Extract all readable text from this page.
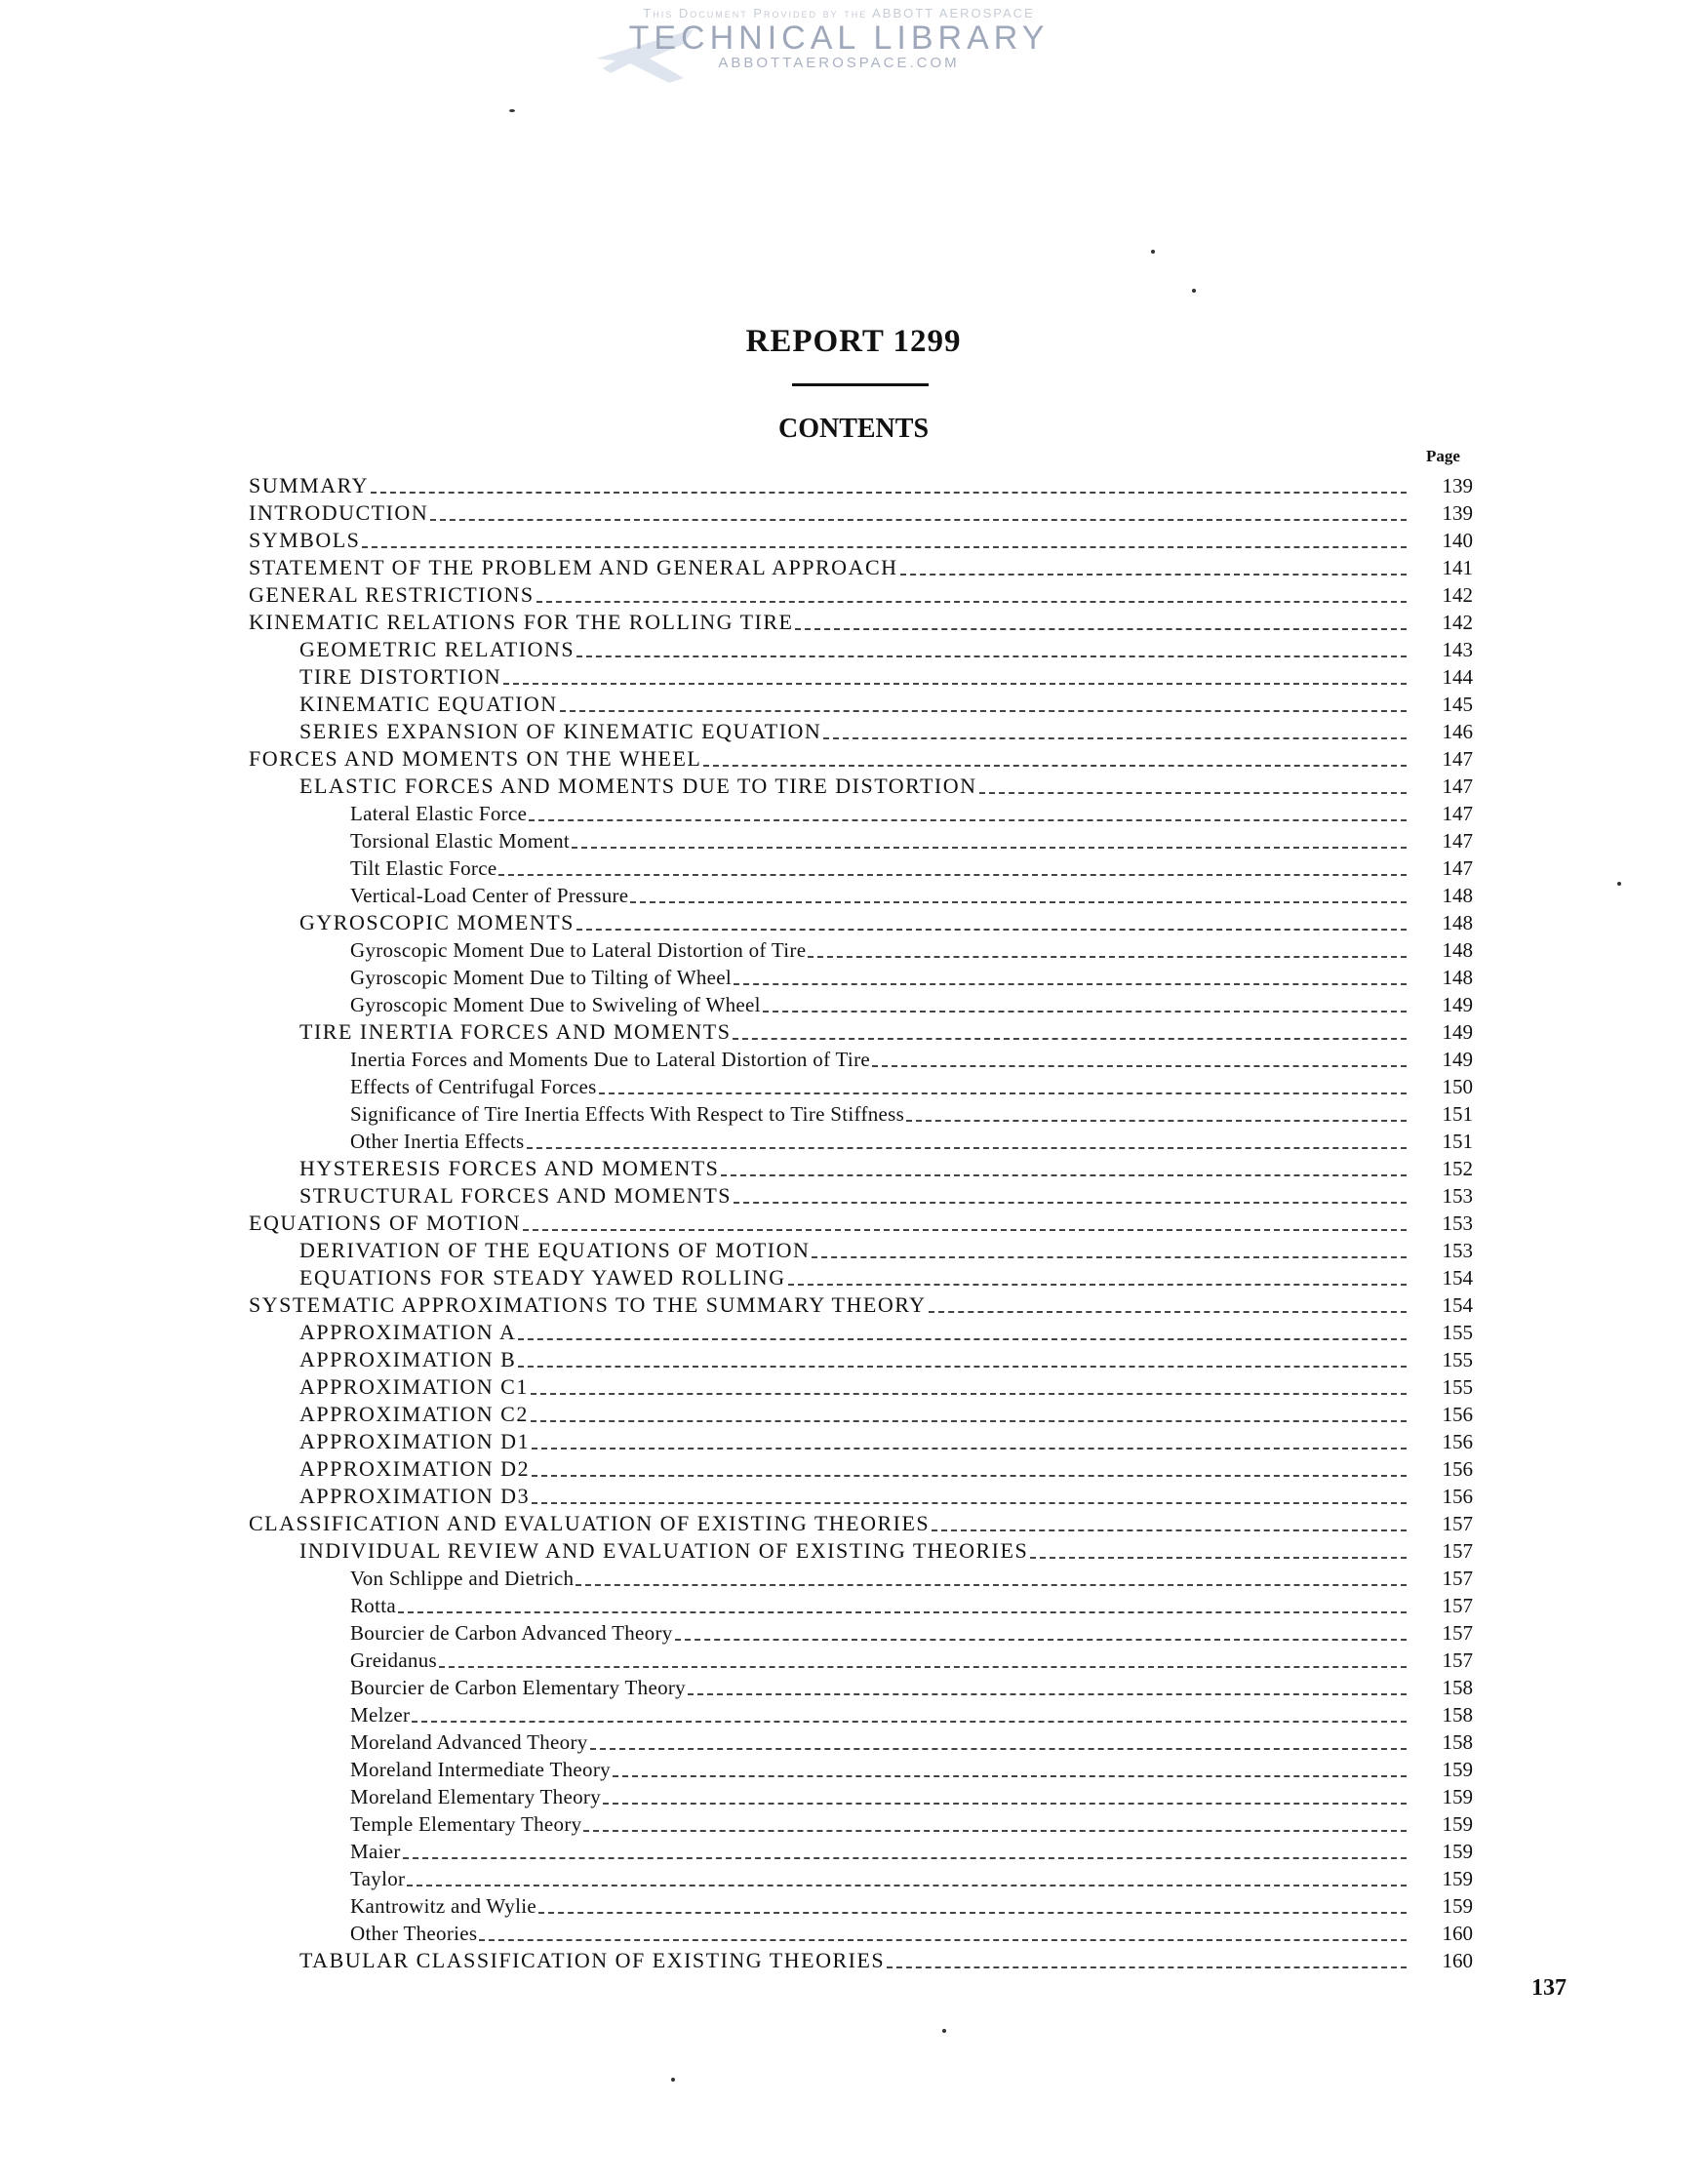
This Document Provided by the ABBOTT AEROSPACE
TECHNICAL LIBRARY
ABBOTTAEROSPACE.COM
REPORT 1299
CONTENTS
Page
SUMMARY	139
INTRODUCTION	139
SYMBOLS	140
STATEMENT OF THE PROBLEM AND GENERAL APPROACH	141
GENERAL RESTRICTIONS	142
KINEMATIC RELATIONS FOR THE ROLLING TIRE	142
GEOMETRIC RELATIONS	143
TIRE DISTORTION	144
KINEMATIC EQUATION	145
SERIES EXPANSION OF KINEMATIC EQUATION	146
FORCES AND MOMENTS ON THE WHEEL	147
ELASTIC FORCES AND MOMENTS DUE TO TIRE DISTORTION	147
Lateral Elastic Force	147
Torsional Elastic Moment	147
Tilt Elastic Force	147
Vertical-Load Center of Pressure	148
GYROSCOPIC MOMENTS	148
Gyroscopic Moment Due to Lateral Distortion of Tire	148
Gyroscopic Moment Due to Tilting of Wheel	148
Gyroscopic Moment Due to Swiveling of Wheel	149
TIRE INERTIA FORCES AND MOMENTS	149
Inertia Forces and Moments Due to Lateral Distortion of Tire	149
Effects of Centrifugal Forces	150
Significance of Tire Inertia Effects With Respect to Tire Stiffness	151
Other Inertia Effects	151
HYSTERESIS FORCES AND MOMENTS	152
STRUCTURAL FORCES AND MOMENTS	153
EQUATIONS OF MOTION	153
DERIVATION OF THE EQUATIONS OF MOTION	153
EQUATIONS FOR STEADY YAWED ROLLING	154
SYSTEMATIC APPROXIMATIONS TO THE SUMMARY THEORY	154
APPROXIMATION A	155
APPROXIMATION B	155
APPROXIMATION C1	155
APPROXIMATION C2	156
APPROXIMATION D1	156
APPROXIMATION D2	156
APPROXIMATION D3	156
CLASSIFICATION AND EVALUATION OF EXISTING THEORIES	157
INDIVIDUAL REVIEW AND EVALUATION OF EXISTING THEORIES	157
Von Schlippe and Dietrich	157
Rotta	157
Bourcier de Carbon Advanced Theory	157
Greidanus	157
Bourcier de Carbon Elementary Theory	158
Melzer	158
Moreland Advanced Theory	158
Moreland Intermediate Theory	159
Moreland Elementary Theory	159
Temple Elementary Theory	159
Maier	159
Taylor	159
Kantrowitz and Wylie	159
Other Theories	160
TABULAR CLASSIFICATION OF EXISTING THEORIES	160
137
